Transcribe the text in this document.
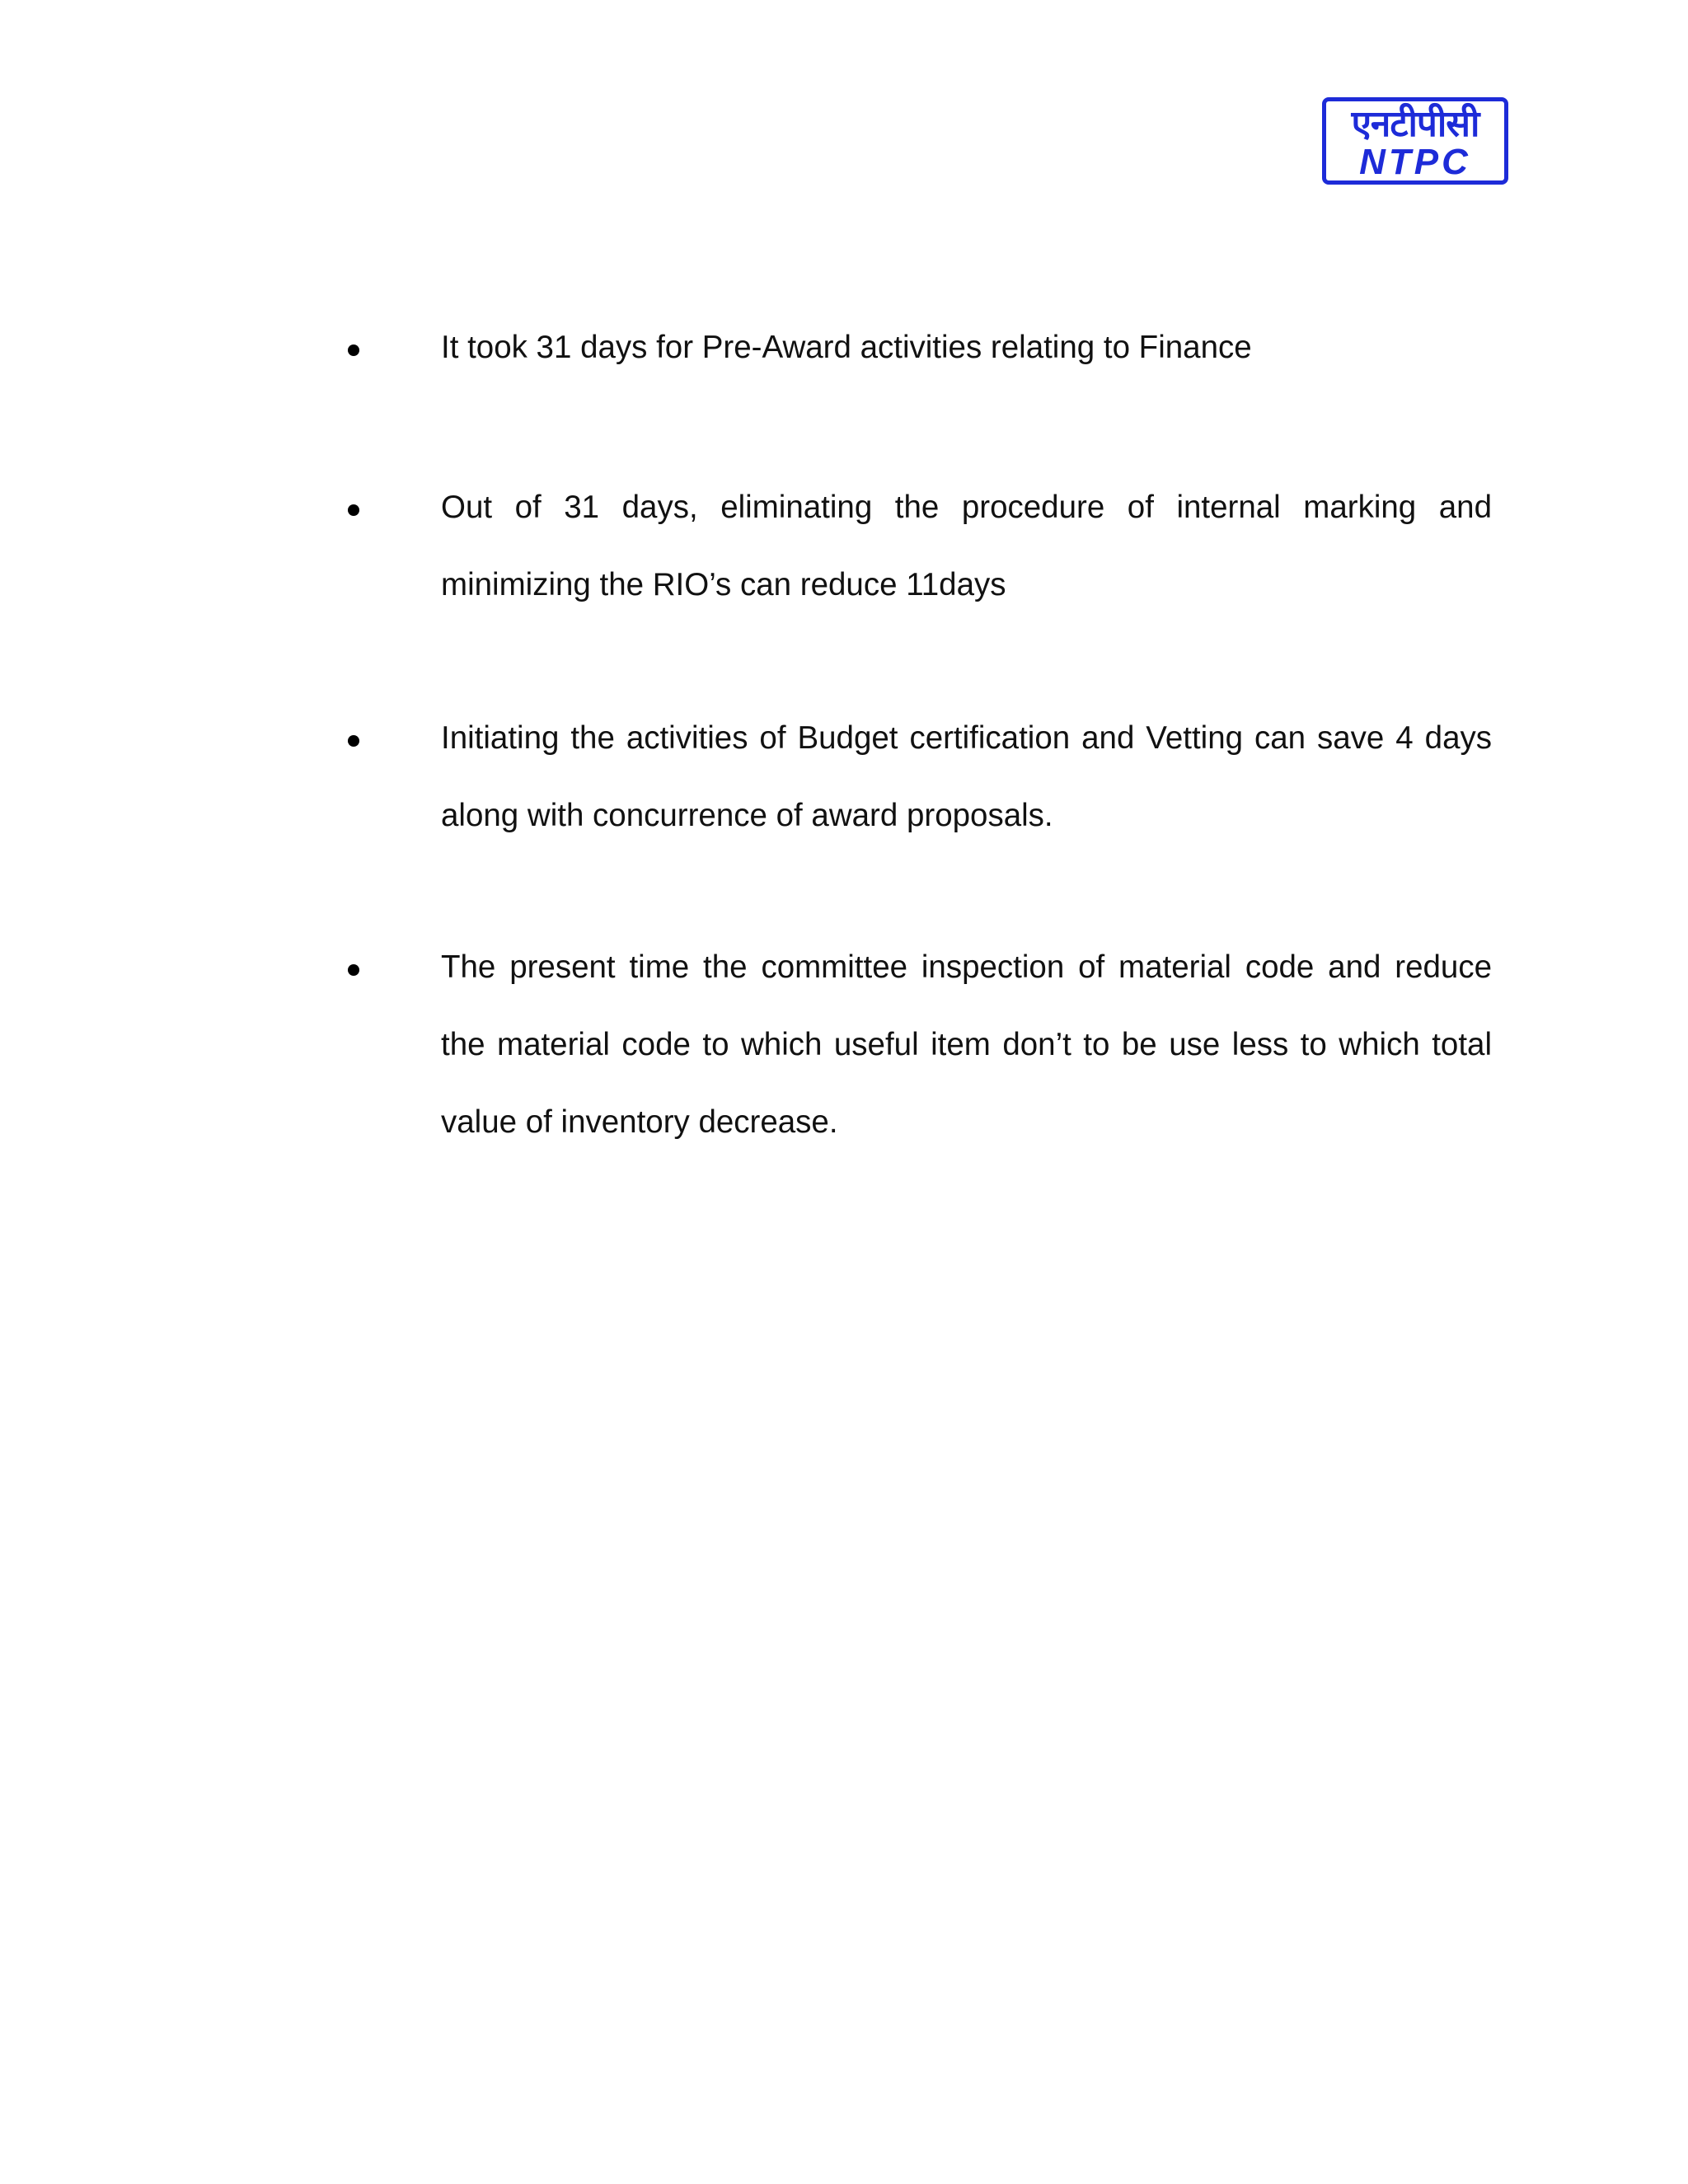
एनटीपीसी
NTPC

It took 31 days for Pre-Award activities relating to Finance

Out of 31 days, eliminating the procedure of internal marking and minimizing the RIO’s can reduce 11days

Initiating the activities of Budget certification and Vetting can save 4 days along with concurrence of award proposals.

The present time the committee inspection of material code and reduce the material code to which useful item don’t to be use less to which total value of inventory decrease.
